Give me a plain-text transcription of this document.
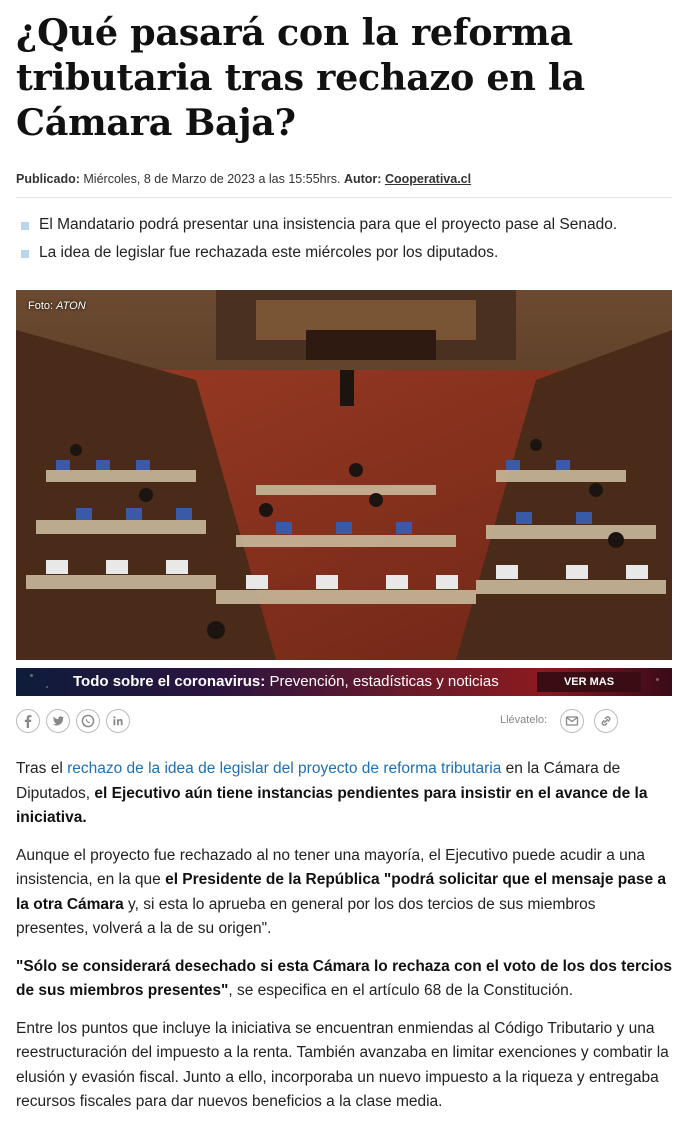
¿Qué pasará con la reforma tributaria tras rechazo en la Cámara Baja?
Publicado: Miércoles, 8 de Marzo de 2023 a las 15:55hrs. Autor: Cooperativa.cl
El Mandatario podrá presentar una insistencia para que el proyecto pase al Senado.
La idea de legislar fue rechazada este miércoles por los diputados.
Foto: ATON
Todo sobre el coronavirus: Prevención, estadísticas y noticias	VER MAS
Llévatelo:

Tras el rechazo de la idea de legislar del proyecto de reforma tributaria en la Cámara de Diputados, el Ejecutivo aún tiene instancias pendientes para insistir en el avance de la iniciativa.

Aunque el proyecto fue rechazado al no tener una mayoría, el Ejecutivo puede acudir a una insistencia, en la que el Presidente de la República "podrá solicitar que el mensaje pase a la otra Cámara y, si esta lo aprueba en general por los dos tercios de sus miembros presentes, volverá a la de su origen".

"Sólo se considerará desechado si esta Cámara lo rechaza con el voto de los dos tercios de sus miembros presentes", se especifica en el artículo 68 de la Constitución.

Entre los puntos que incluye la iniciativa se encuentran enmiendas al Código Tributario y una reestructuración del impuesto a la renta. También avanzaba en limitar exenciones y combatir la elusión y evasión fiscal. Junto a ello, incorporaba un nuevo impuesto a la riqueza y entregaba recursos fiscales para dar nuevos beneficios a la clase media.
